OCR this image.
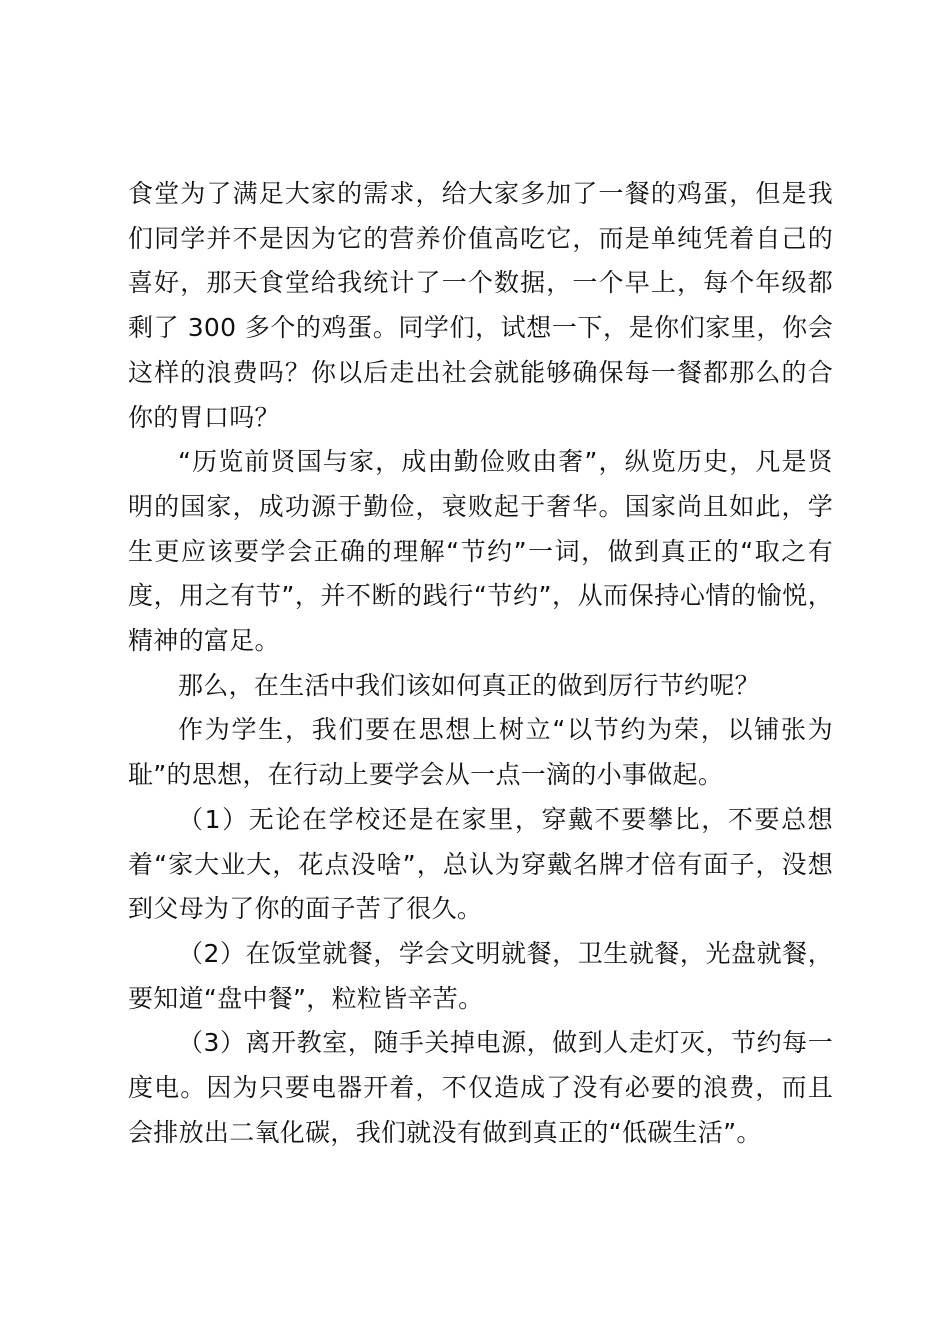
食堂为了满足大家的需求，给大家多加了一餐的鸡蛋，但是我们同学并不是因为它的营养价值高吃它，而是单纯凭着自己的喜好，那天食堂给我统计了一个数据，一个早上，每个年级都剩了 300 多个的鸡蛋。同学们，试想一下，是你们家里，你会这样的浪费吗？你以后走出社会就能够确保每一餐都那么的合你的胃口吗？

“历览前贤国与家，成由勤俭败由奢”，纵览历史，凡是贤明的国家，成功源于勤俭，衰败起于奢华。国家尚且如此，学生更应该要学会正确的理解“节约”一词，做到真正的“取之有度，用之有节”，并不断的践行“节约”，从而保持心情的愉悦，精神的富足。

那么，在生活中我们该如何真正的做到厉行节约呢？

作为学生，我们要在思想上树立“以节约为荣，以铺张为耻”的思想，在行动上要学会从一点一滴的小事做起。

（1）无论在学校还是在家里，穿戴不要攀比，不要总想着“家大业大，花点没啥”，总认为穿戴名牌才倍有面子，没想到父母为了你的面子苦了很久。

（2）在饭堂就餐，学会文明就餐，卫生就餐，光盘就餐，要知道“盘中餐”，粒粒皆辛苦。

（3）离开教室，随手关掉电源，做到人走灯灭，节约每一度电。因为只要电器开着，不仅造成了没有必要的浪费，而且会排放出二氧化碳，我们就没有做到真正的“低碳生活”。
